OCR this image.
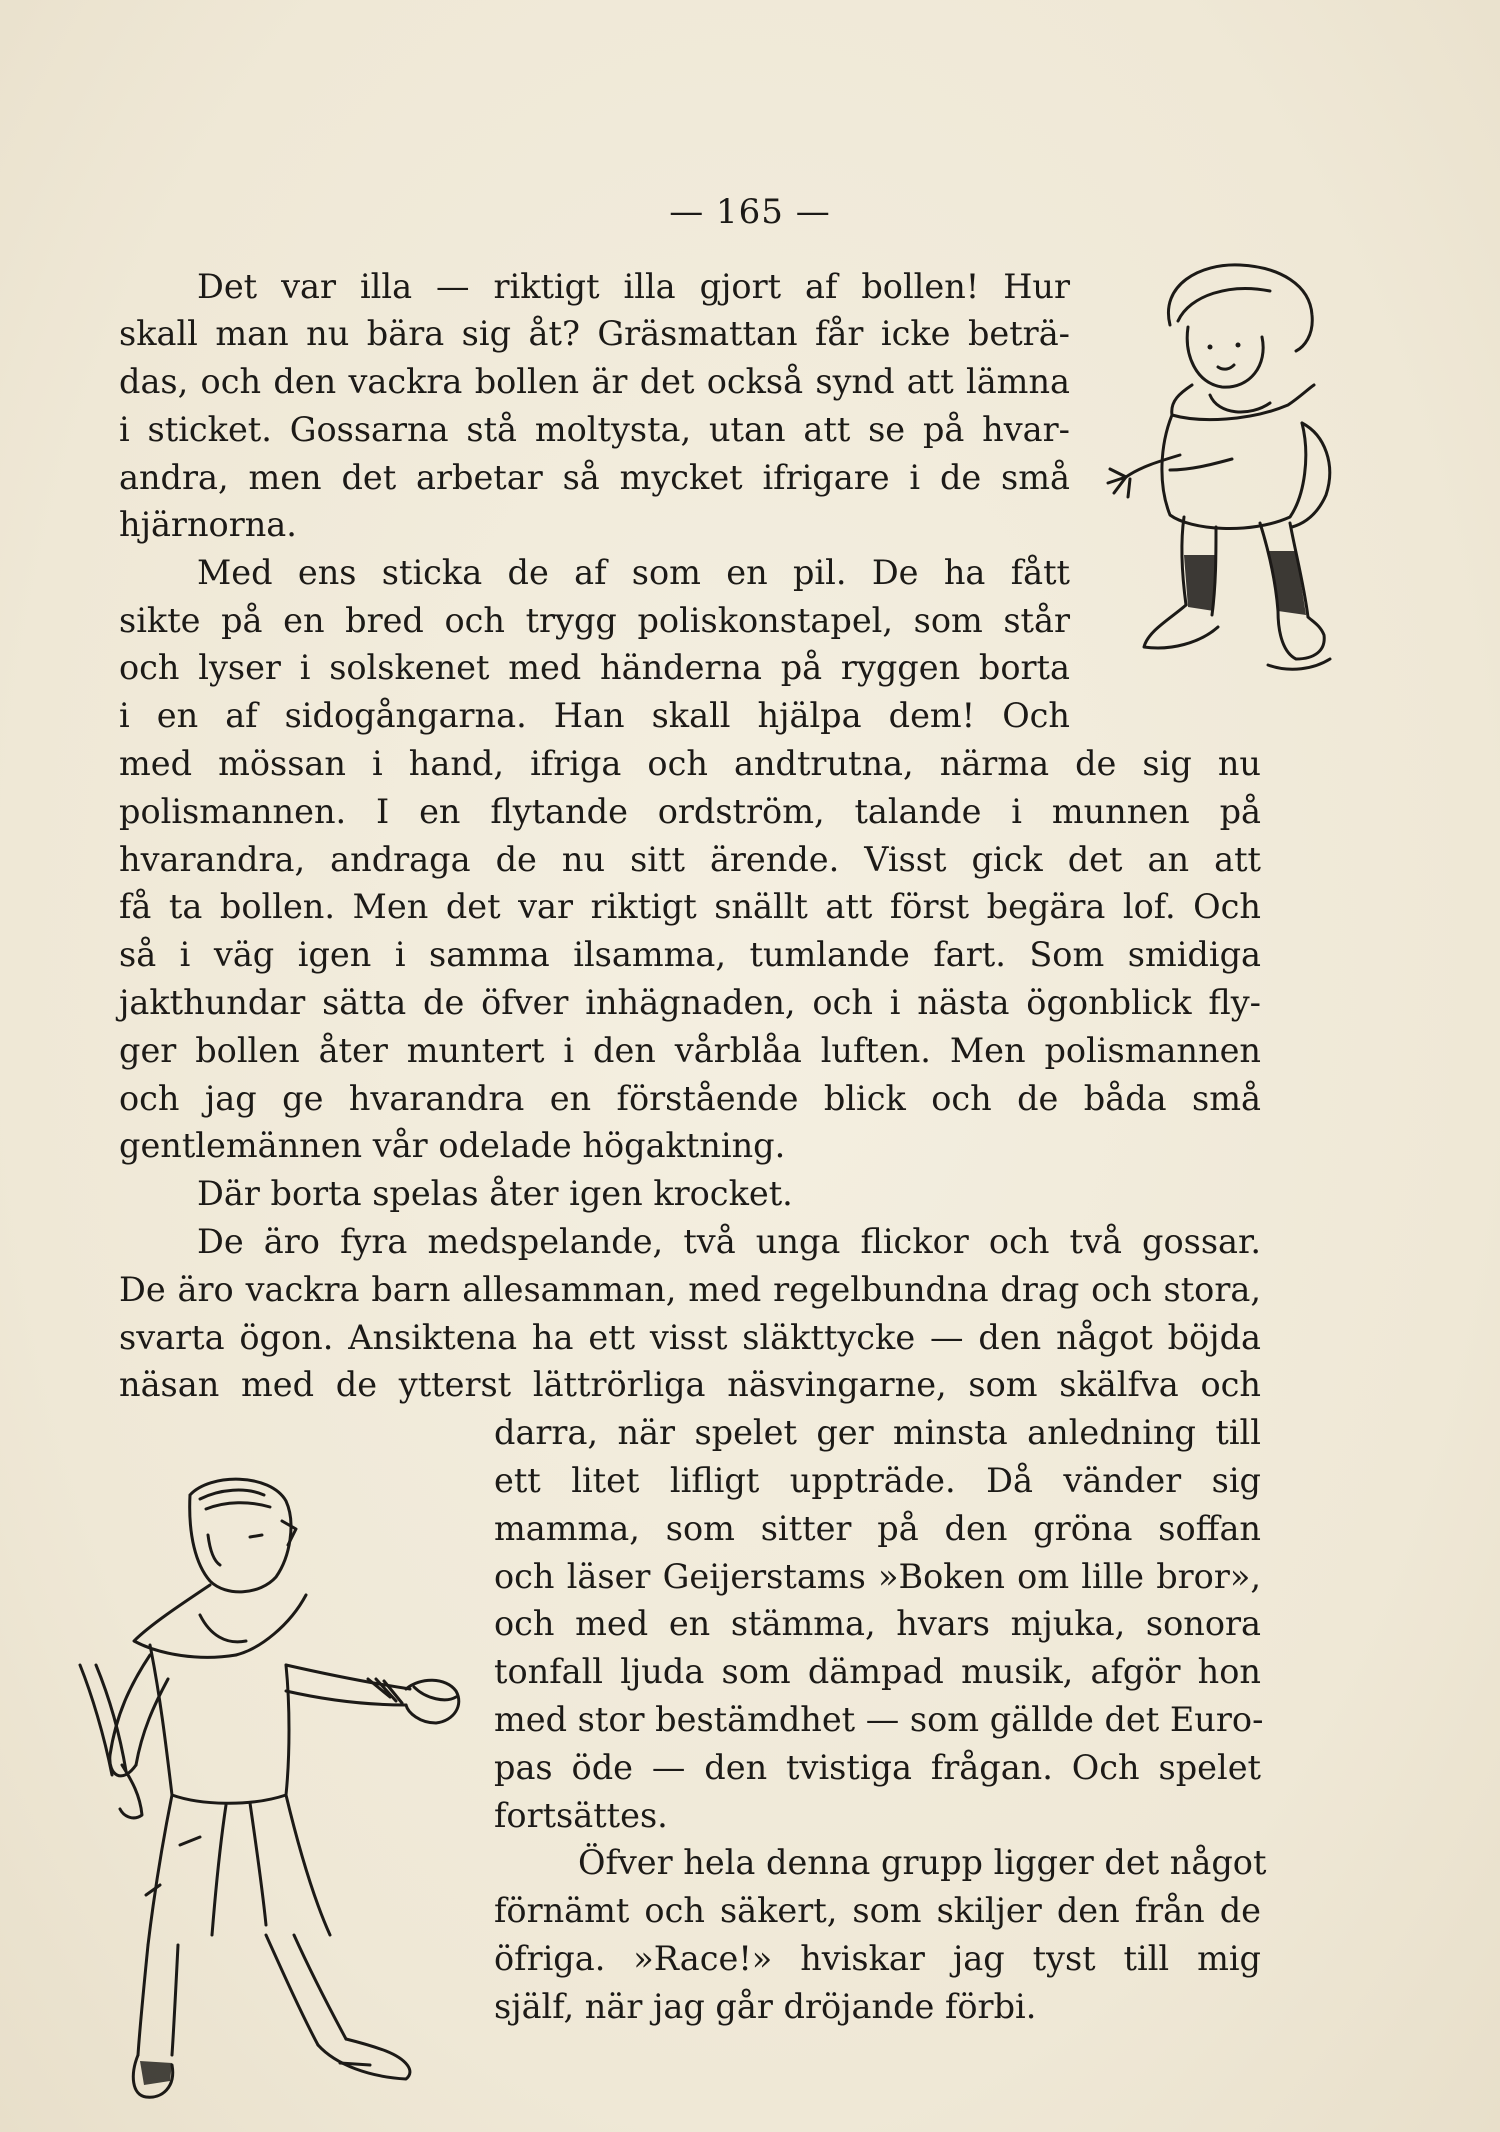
— 165 —
Det var illa — riktigt illa gjort af bollen! Hur
skall man nu bära sig åt? Gräsmattan får icke beträ-
das, och den vackra bollen är det också synd att lämna
i sticket. Gossarna stå moltysta, utan att se på hvar-
andra, men det arbetar så mycket ifrigare i de små
hjärnorna.
Med ens sticka de af som en pil. De ha fått
sikte på en bred och trygg poliskonstapel, som står
och lyser i solskenet med händerna på ryggen borta
i en af sidogångarna. Han skall hjälpa dem! Och
med mössan i hand, ifriga och andtrutna, närma de sig nu
polismannen. I en flytande ordström, talande i munnen på
hvarandra, andraga de nu sitt ärende. Visst gick det an att
få ta bollen. Men det var riktigt snällt att först begära lof. Och
så i väg igen i samma ilsamma, tumlande fart. Som smidiga
jakthundar sätta de öfver inhägnaden, och i nästa ögonblick fly-
ger bollen åter muntert i den vårblåa luften. Men polismannen
och jag ge hvarandra en förstående blick och de båda små
gentlemännen vår odelade högaktning.
Där borta spelas åter igen krocket.
De äro fyra medspelande, två unga flickor och två gossar.
De äro vackra barn allesamman, med regelbundna drag och stora,
svarta ögon. Ansiktena ha ett visst släkttycke — den något böjda
näsan med de ytterst lättrörliga näsvingarne, som skälfva och
darra, när spelet ger minsta anledning till
ett litet lifligt uppträde. Då vänder sig
mamma, som sitter på den gröna soffan
och läser Geijerstams »Boken om lille bror»,
och med en stämma, hvars mjuka, sonora
tonfall ljuda som dämpad musik, afgör hon
med stor bestämdhet — som gällde det Euro-
pas öde — den tvistiga frågan. Och spelet
fortsättes.
Öfver hela denna grupp ligger det något
förnämt och säkert, som skiljer den från de
öfriga. »Race!» hviskar jag tyst till mig
själf, när jag går dröjande förbi.
